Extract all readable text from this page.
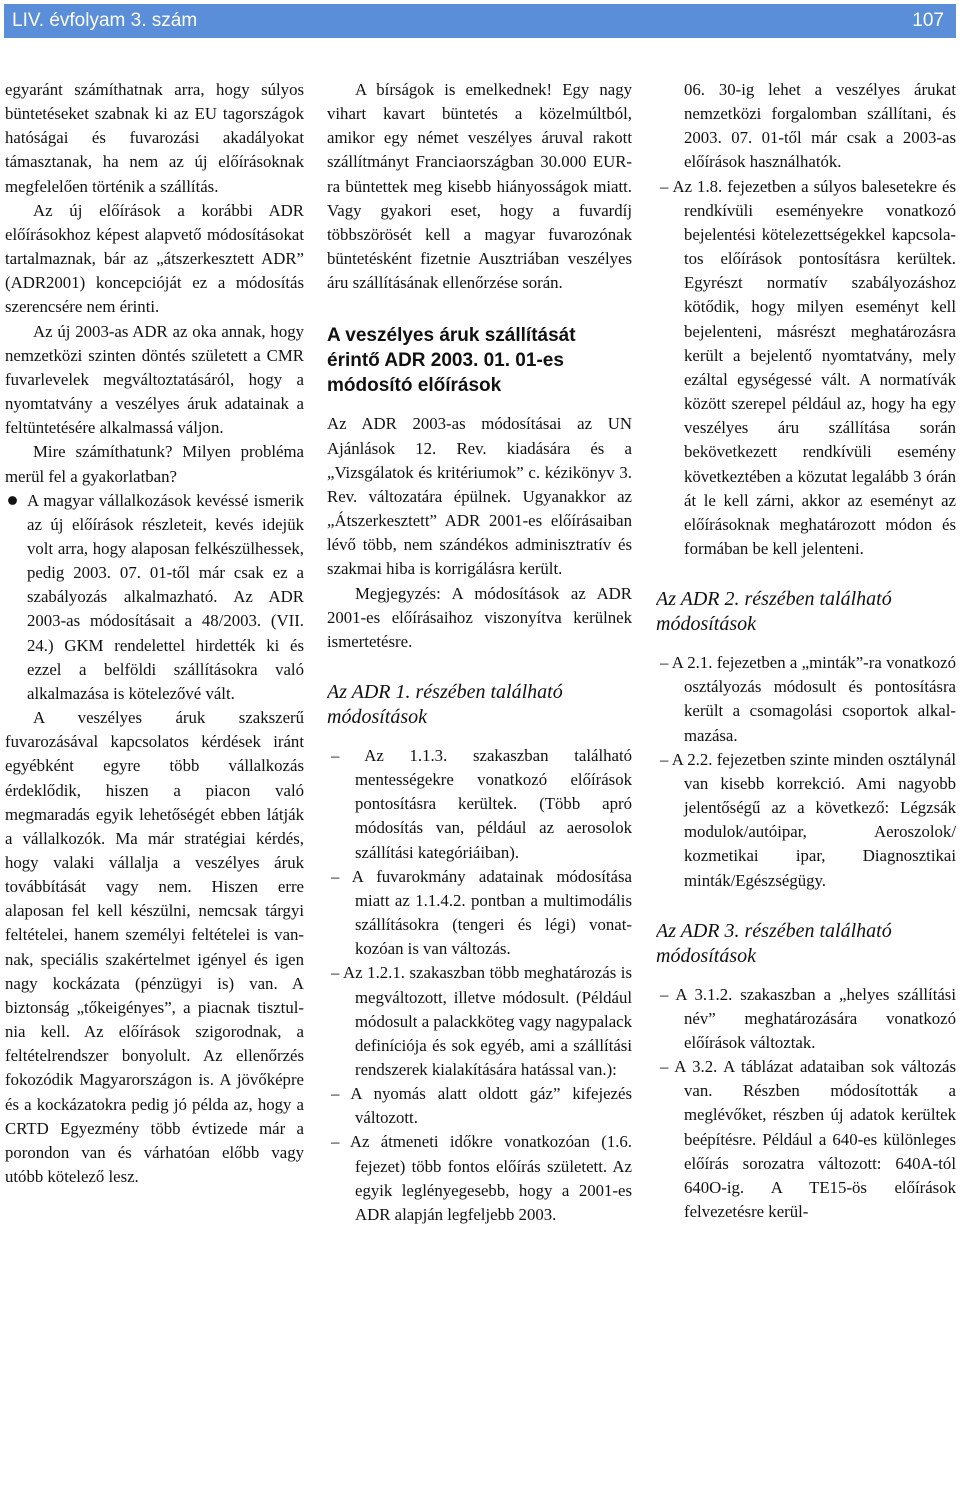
LIV. évfolyam 3. szám	107

egyaránt számíthatnak arra, hogy súlyos büntetéseket szabnak ki az EU tagországok hatóságai és fuvarozási akadályokat támasztanak, ha nem az új előírásoknak megfelelően történik a szállítás.

Az új előírások a korábbi ADR előírásokhoz képest alapvető módosításokat tartalmaznak, bár az „átszerkesztett ADR” (ADR2001) koncepcióját ez a módosítás szerencsére nem érinti.

Az új 2003-as ADR az oka annak, hogy nemzetközi szinten döntés született a CMR fuvarlevelek megváltoztatásáról, hogy a nyomtatvány a veszélyes áruk adatainak a feltüntetésére alkalmassá váljon.

Mire számíthatunk? Milyen probléma merül fel a gyakorlatban?

A magyar vállalkozások kevéssé ismerik az új előírások részleteit, kevés idejük volt arra, hogy alaposan felkészülhessek, pedig 2003. 07. 01-től már csak ez a szabályozás alkalmazható. Az ADR 2003-as módosításait a 48/2003. (VII. 24.) GKM rendelettel hirdették ki és ezzel a belföldi szállításokra való alkalmazása is kötelezővé vált.

A veszélyes áruk szakszerű fuvarozásával kapcsolatos kérdések iránt egyébként egyre több vállalkozás érdeklődik, hiszen a piacon való megmaradás egyik lehetőségét ebben látják a vállalkozók. Ma már stratégiai kérdés, hogy valaki vállalja a veszélyes áruk továbbítását vagy nem. Hiszen erre alaposan fel kell készülni, nemcsak tárgyi feltételei, hanem személyi feltételei is vannak, speciális szakértelmet igényel és igen nagy kockázata (pénzügyi is) van. A biztonság „tőkeigényes”, a piacnak tisztulnia kell. Az előírások szigorodnak, a feltételrendszer bonyolult. Az ellenőrzés fokozódik Magyarországon is. A jövőképre és a kockázatokra pedig jó példa az, hogy a CRTD Egyezmény több évtizede már a porondon van és várhatóan előbb vagy utóbb kötelező lesz.

A bírságok is emelkednek! Egy nagy vihart kavart büntetés a közelmúltból, amikor egy német veszélyes áruval rakott szállítmányt Franciaországban 30.000 EUR-ra büntettek meg kisebb hiányosságok miatt. Vagy gyakori eset, hogy a fuvardíj többszörösét kell a magyar fuvarozónak büntetésként fizetnie Ausztriában veszélyes áru szállításának ellenőrzése során.

A veszélyes áruk szállítását érintő ADR 2003. 01. 01-es módosító előírások

Az ADR 2003-as módosításai az UN Ajánlások 12. Rev. kiadására és a „Vizsgálatok és kritériumok” c. kézikönyv 3. Rev. változatára épülnek. Ugyanakkor az „Átszerkesztett” ADR 2001-es előírásaiban lévő több, nem szándékos adminisztratív és szakmai hiba is korrigálásra került.

Megjegyzés: A módosítások az ADR 2001-es előírásaihoz viszonyítva kerülnek ismertetésre.

Az ADR 1. részében található módosítások

– Az 1.1.3. szakaszban található mentességekre vonatkozó előírások pontosításra kerültek. (Több apró módosítás van, például az aerosolok szállítási kategóriáiban).

– A fuvarokmány adatainak módosítása miatt az 1.1.4.2. pontban a multimodális szállításokra (tengeri és légi) vonatkozóan is van változás.

– Az 1.2.1. szakaszban több meghatározás is megváltozott, illetve módosult. (Például módosult a palackköteg vagy nagypalack definíciója és sok egyéb, ami a szállítási rendszerek kialakítására hatással van.):

– A nyomás alatt oldott gáz” kifejezés változott.

– Az átmeneti időkre vonatkozóan (1.6. fejezet) több fontos előírás született. Az egyik leglényegesebb, hogy a 2001-es ADR alapján legfeljebb 2003.

06. 30-ig lehet a veszélyes árukat nemzetközi forgalomban szállítani, és 2003. 07. 01-től már csak a 2003-as előírások használhatók.

– Az 1.8. fejezetben a súlyos balesetekre és rendkívüli eseményekre vonatkozó bejelentési kötelezettségekkel kapcsolatos előírások pontosításra kerültek. Egyrészt normatív szabályozáshoz kötődik, hogy milyen eseményt kell bejelenteni, másrészt meghatározásra került a bejelentő nyomtatvány, mely ezáltal egységessé vált. A normatívák között szerepel például az, hogy ha egy veszélyes áru szállítása során bekövetkezett rendkívüli esemény következtében a közutat legalább 3 órán át le kell zárni, akkor az eseményt az előírásoknak meghatározott módon és formában be kell jelenteni.

Az ADR 2. részében található módosítások

– A 2.1. fejezetben a „minták”-ra vonatkozó osztályozás módosult és pontosításra került a csomagolási csoportok alkalmazása.

– A 2.2. fejezetben szinte minden osztálynál van kisebb korrekció. Ami nagyobb jelentőségű az a következő: Légzsák modulok/autóipar, Aeroszolok/ kozmetikai ipar, Diagnosztikai minták/Egészségügy.

Az ADR 3. részében található módosítások

– A 3.1.2. szakaszban a „helyes szállítási név” meghatározására vonatkozó előírások változtak.

– A 3.2. A táblázat adataiban sok változás van. Részben módosították a meglévőket, részben új adatok kerültek beépítésre. Például a 640-es különleges előírás sorozatra változott: 640A-tól 640O-ig. A TE15-ös előírások felvezetésre kerül-
